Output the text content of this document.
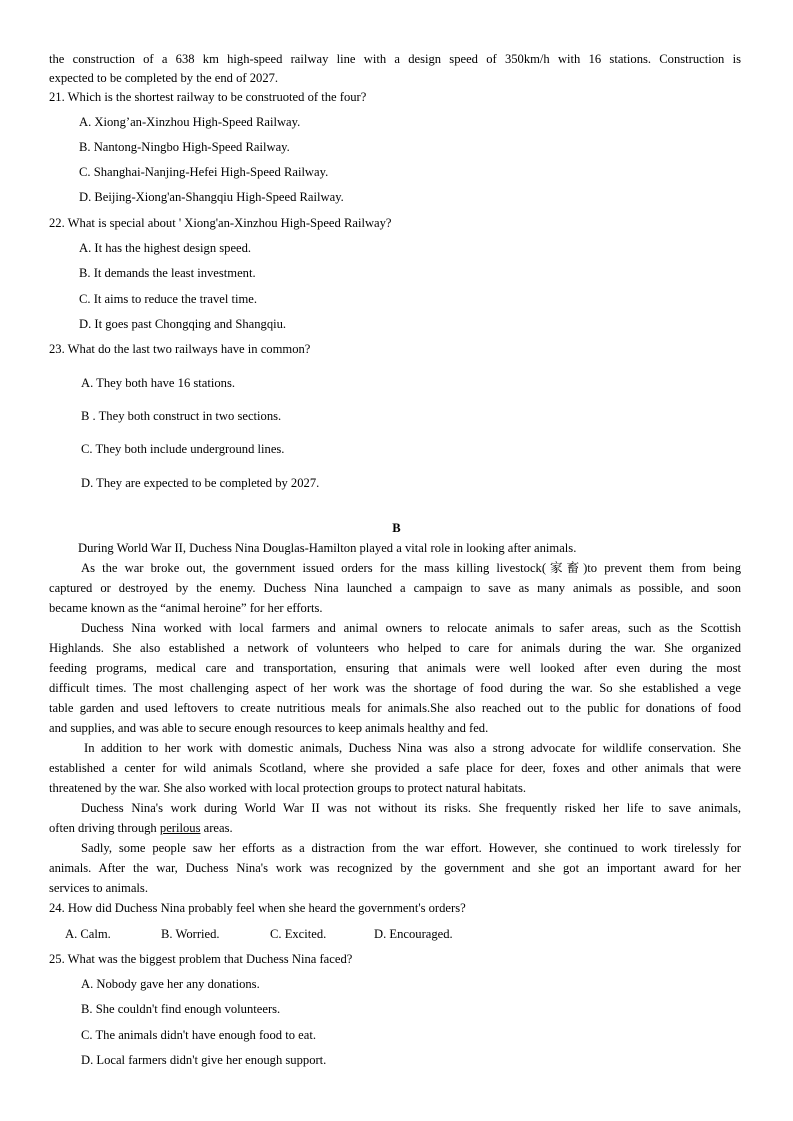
the construction of a 638 km high-speed railway line with a design speed of 350km/h with 16 stations. Construction is
expected to be completed by the end of 2027.
21. Which is the shortest railway to be construoted of the four?
A. Xiong’an-Xinzhou High-Speed Railway.
B. Nantong-Ningbo High-Speed Railway.
C. Shanghai-Nanjing-Hefei High-Speed Railway.
D. Beijing-Xiong'an-Shangqiu High-Speed Railway.
22. What is special about ' Xiong'an-Xinzhou High-Speed Railway?
A. It has the highest design speed.
B. It demands the least investment.
C. It aims to reduce the travel time.
D. It goes past Chongqing and Shangqiu.
23. What do the last two railways have in common?
A. They both have 16 stations.
B . They both construct in two sections.
C. They both include underground lines.
D. They are expected to be completed by 2027.
B
During World War II, Duchess Nina Douglas-Hamilton played a vital role in looking after animals.
As the war broke out, the government issued orders for the mass killing livestock(家畜)to prevent them from being
captured or destroyed by the enemy. Duchess Nina launched a campaign to save as many animals as possible, and soon
became known as the “animal heroine” for her efforts.
Duchess Nina worked with local farmers and animal owners to relocate animals to safer areas, such as the Scottish
Highlands. She also established a network of volunteers who helped to care for animals during the war. She organized
feeding programs, medical care and transportation, ensuring that animals were well looked after even during the most
difficult times. The most challenging aspect of her work was the shortage of food during the war. So she established a vege
table garden and used leftovers to create nutritious meals for animals.She also reached out to the public for donations of food
and supplies, and was able to secure enough resources to keep animals healthy and fed.
In addition to her work with domestic animals, Duchess Nina was also a strong advocate for wildlife conservation. She
established a center for wild animals Scotland, where she provided a safe place for deer, foxes and other animals that were
threatened by the war. She also worked with local protection groups to protect natural habitats.
Duchess Nina's work during World War II was not without its risks. She frequently risked her life to save animals,
often driving through perilous areas.
Sadly, some people saw her efforts as a distraction from the war effort. However, she continued to work tirelessly for
animals. After the war, Duchess Nina's work was recognized by the government and she got an important award for her
services to animals.
24. How did Duchess Nina probably feel when she heard the government's orders?
A. Calm.	B. Worried.	C. Excited.	D. Encouraged.
25. What was the biggest problem that Duchess Nina faced?
A. Nobody gave her any donations.
B. She couldn't find enough volunteers.
C. The animals didn't have enough food to eat.
D. Local farmers didn't give her enough support.
